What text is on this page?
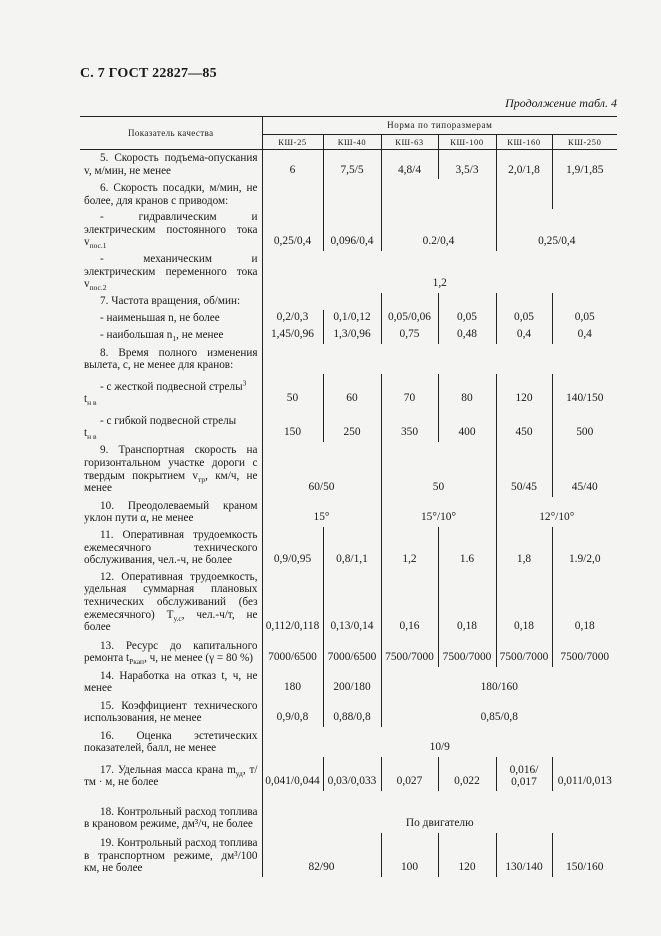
С. 7 ГОСТ 22827—85
Продолжение табл. 4
Показатель качества	Норма по типоразмерам					
	КШ-25	КШ-40	КШ-63	КШ-100	КШ-160	КШ-250

5. Скорость подъема-опускания v, м/мин, не менее	6	7,5/5	4,8/4	3,5/3	2,0/1,8	1,9/1,85

6. Скорость посадки, м/мин, не более, для кранов с приводом:						

- гидравлическим и электрическим постоянного тока $v_{пос.1}$	0,25/0,4	0,096/0,4	0.2/0,4		0,25/0,4	

- механическим и электрическим переменного тока $v_{пос.2}$	1,2					

7. Частота вращения, об/мин:						

- наименьшая n, не более	0,2/0,3	0,1/0,12	0,05/0,06	0,05	0,05	0,05

- наибольшая $n_1$, не менее	1,45/0,96	1,3/0,96	0,75	0,48	0,4	0,4

8. Время полного изменения вылета, с, не менее для кранов:						

- с жесткой подвесной стрелы$^3$
$t_{н в}$	50	60	70	80	120	140/150

- с гибкой подвесной стрелы
$t_{н в}$	150	250	350	400	450	500

9. Транспортная скорость на горизонтальном участке дороги с твердым покрытием $v_{тр}$, км/ч, не менее	60/50		50		50/45	45/40

10. Преодолеваемый краном уклон пути α, не менее	15°		15°/10°		12°/10°	

11. Оперативная трудоемкость ежемесячного технического обслуживания, чел.-ч, не более	0,9/0,95	0,8/1,1	1,2	1.6	1,8	1.9/2,0

12. Оперативная трудоемкость, удельная суммарная плановых технических обслуживаний (без ежемесячного) $T_{у.с}$, чел.-ч/т, не более	0,112/0,118	0,13/0,14	0,16	0,18	0,18	0,18

13. Ресурс до капитального ремонта $t_{Ркап}$, ч, не менее (γ = 80 %)	7000/6500	7000/6500	7500/7000	7500/7000	7500/7000	7500/7000

14. Наработка на отказ t, ч, не менее	180	200/180	180/160			

15. Коэффициент технического использования, не менее	0,9/0,8	0,88/0,8	0,85/0,8			

16. Оценка эстетических показателей, балл, не менее	10/9					

17. Удельная масса крана $m_{уд}$, т/тм · м, не более	0,041/0,044	0,03/0,033	0,027	0,022	0,016/ 0,017	0,011/0,013

18. Контрольный расход топлива в крановом режиме, дм³/ч, не более	По двигателю					

19. Контрольный расход топлива в транспортном режиме, дм³/100 км, не более	82/90		100	120	130/140	150/160
